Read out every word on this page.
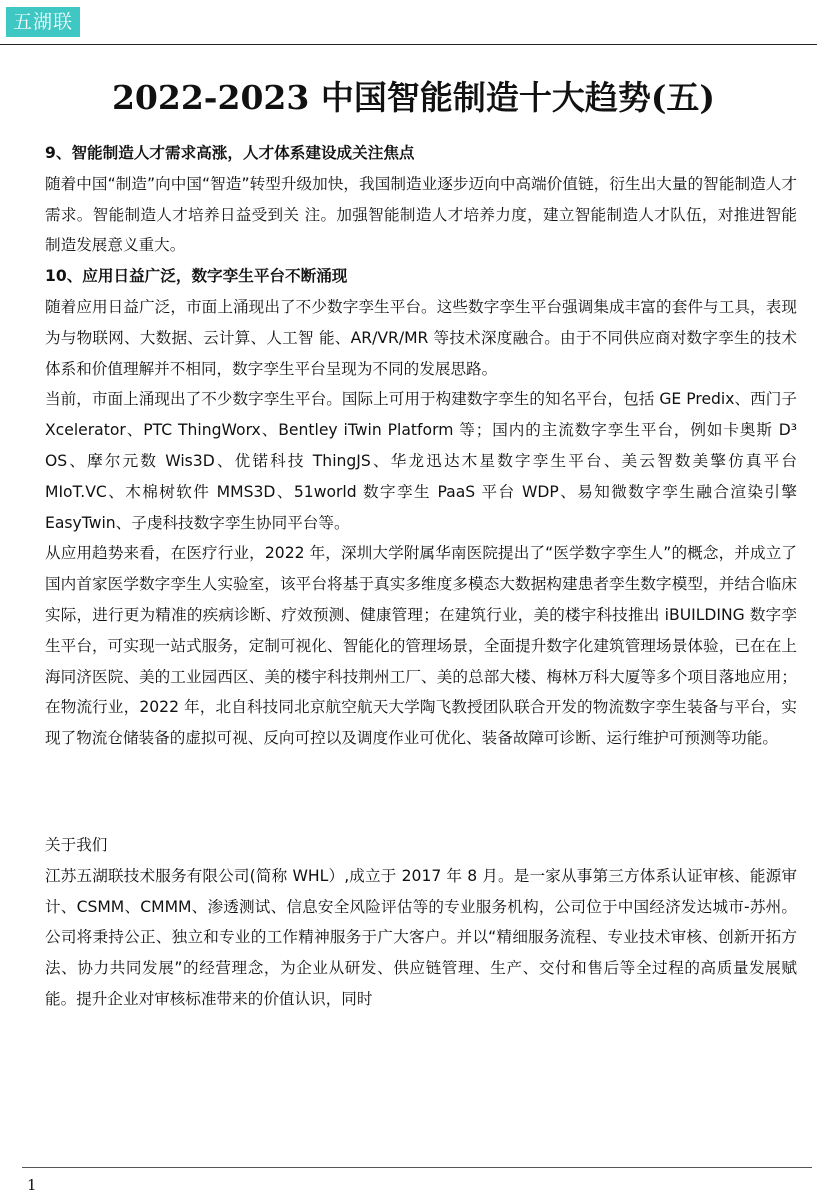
五湖联
2022-2023 中国智能制造十大趋势(五)
9、智能制造人才需求高涨，人才体系建设成关注焦点

随着中国“制造”向中国“智造”转型升级加快，我国制造业逐步迈向中高端价值链，衍生出大量的智能制造人才需求。智能制造人才培养日益受到关 注。加强智能制造人才培养力度，建立智能制造人才队伍，对推进智能制造发展意义重大。

10、应用日益广泛，数字孪生平台不断涌现

随着应用日益广泛，市面上涌现出了不少数字孪生平台。这些数字孪生平台强调集成丰富的套件与工具，表现为与物联网、大数据、云计算、人工智 能、AR/VR/MR 等技术深度融合。由于不同供应商对数字孪生的技术体系和价值理解并不相同，数字孪生平台呈现为不同的发展思路。

当前，市面上涌现出了不少数字孪生平台。国际上可用于构建数字孪生的知名平台，包括 GE Predix、西门子 Xcelerator、PTC ThingWorx、Bentley iTwin Platform 等；国内的主流数字孪生平台，例如卡奥斯 D³ OS、摩尔元数 Wis3D、优锘科技 ThingJS、华龙迅达木星数字孪生平台、美云智数美擎仿真平台 MIoT.VC、木棉树软件 MMS3D、51world 数字孪生 PaaS 平台 WDP、易知微数字孪生融合渲染引擎 EasyTwin、子虔科技数字孪生协同平台等。

从应用趋势来看，在医疗行业，2022 年，深圳大学附属华南医院提出了“医学数字孪生人”的概念，并成立了国内首家医学数字孪生人实验室，该平台将基于真实多维度多模态大数据构建患者孪生数字模型，并结合临床实际，进行更为精准的疾病诊断、疗效预测、健康管理；在建筑行业，美的楼宇科技推出 iBUILDING 数字孪生平台，可实现一站式服务，定制可视化、智能化的管理场景，全面提升数字化建筑管理场景体验，已在在上海同济医院、美的工业园西区、美的楼宇科技荆州工厂、美的总部大楼、梅林万科大厦等多个项目落地应用；在物流行业，2022 年，北自科技同北京航空航天大学陶飞教授团队联合开发的物流数字孪生装备与平台，实现了物流仓储装备的虚拟可视、反向可控以及调度作业可优化、装备故障可诊断、运行维护可预测等功能。

关于我们

江苏五湖联技术服务有限公司(简称 WHL）,成立于 2017 年 8 月。是一家从事第三方体系认证审核、能源审计、CSMM、CMMM、渗透测试、信息安全风险评估等的专业服务机构，公司位于中国经济发达城市-苏州。公司将秉持公正、独立和专业的工作精神服务于广大客户。并以“精细服务流程、专业技术审核、创新开拓方法、协力共同发展”的经营理念，为企业从研发、供应链管理、生产、交付和售后等全过程的高质量发展赋能。提升企业对审核标准带来的价值认识，同时

1
